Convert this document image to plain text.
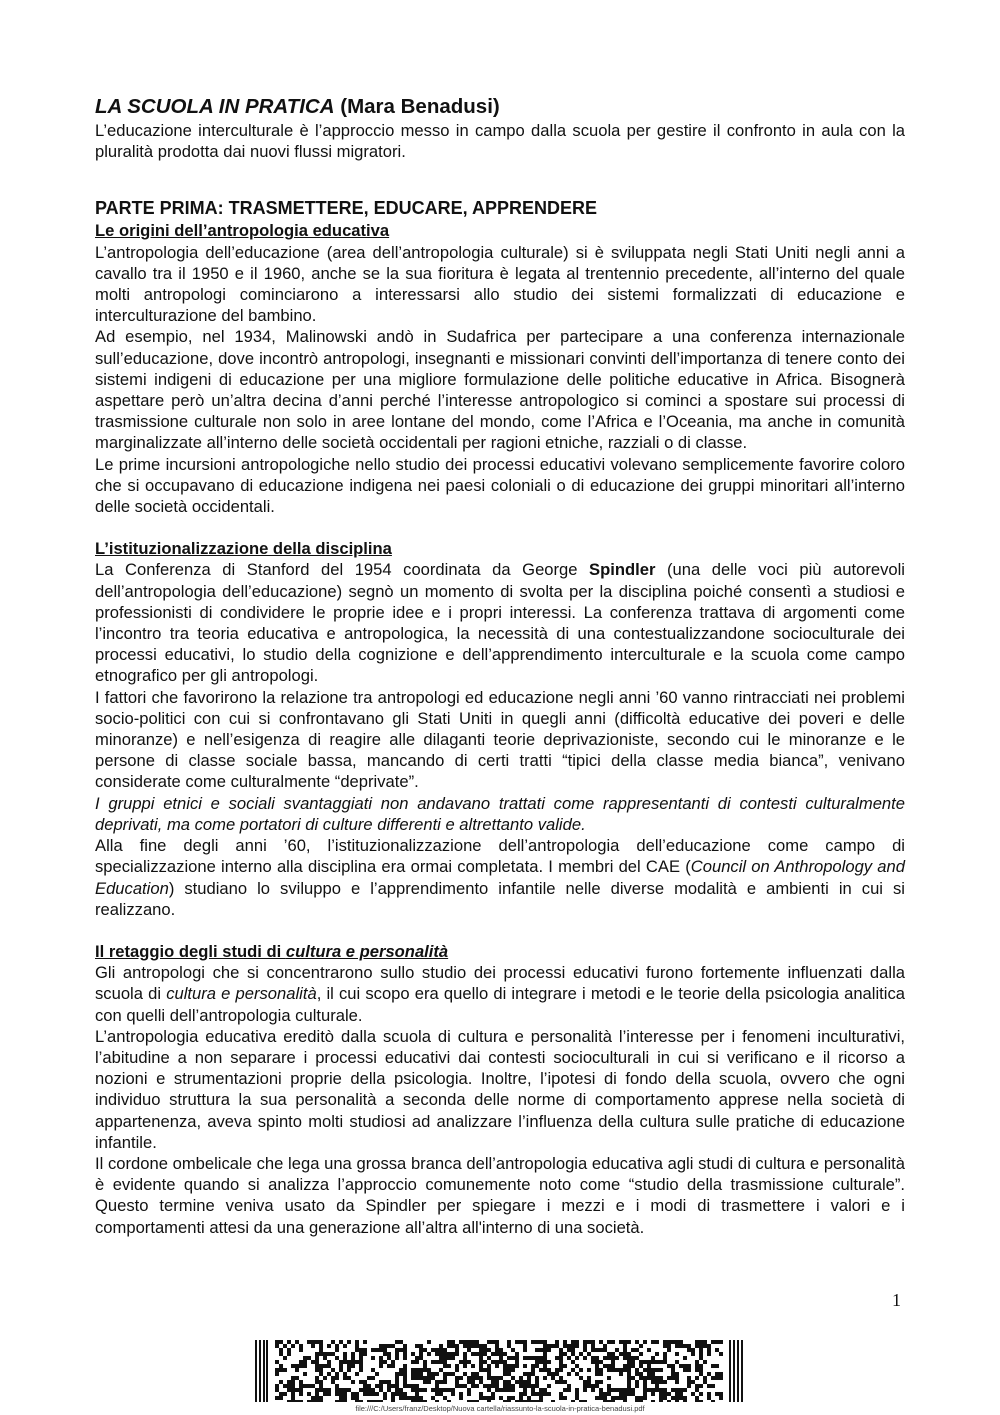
LA SCUOLA IN PRATICA (Mara Benadusi)

L’educazione interculturale è l’approccio messo in campo dalla scuola per gestire il confronto in aula con la pluralità prodotta dai nuovi flussi migratori.

PARTE PRIMA: TRASMETTERE, EDUCARE, APPRENDERE

Le origini dell’antropologia educativa

L’antropologia dell’educazione (area dell’antropologia culturale) si è sviluppata negli Stati Uniti negli anni a cavallo tra il 1950 e il 1960, anche se la sua fioritura è legata al trentennio precedente, all’interno del quale molti antropologi cominciarono a interessarsi allo studio dei sistemi formalizzati di educazione e interculturazione del bambino.

Ad esempio, nel 1934, Malinowski andò in Sudafrica per partecipare a una conferenza internazionale sull’educazione, dove incontrò antropologi, insegnanti e missionari convinti dell’importanza di tenere conto dei sistemi indigeni di educazione per una migliore formulazione delle politiche educative in Africa. Bisognerà aspettare però un’altra decina d’anni perché l’interesse antropologico si cominci a spostare sui processi di trasmissione culturale non solo in aree lontane del mondo, come l’Africa e l’Oceania, ma anche in comunità marginalizzate all’interno delle società occidentali per ragioni etniche, razziali o di classe.

Le prime incursioni antropologiche nello studio dei processi educativi volevano semplicemente favorire coloro che si occupavano di educazione indigena nei paesi coloniali o di educazione dei gruppi minoritari all’interno delle società occidentali.

L’istituzionalizzazione della disciplina

La Conferenza di Stanford del 1954 coordinata da George Spindler (una delle voci più autorevoli dell’antropologia dell’educazione) segnò un momento di svolta per la disciplina poiché consentì a studiosi e professionisti di condividere le proprie idee e i propri interessi. La conferenza trattava di argomenti come l’incontro tra teoria educativa e antropologica, la necessità di una contestualizzandone socioculturale dei processi educativi, lo studio della cognizione e dell’apprendimento interculturale e la scuola come campo etnografico per gli antropologi.

I fattori che favorirono la relazione tra antropologi ed educazione negli anni ’60 vanno rintracciati nei problemi socio-politici con cui si confrontavano gli Stati Uniti in quegli anni (difficoltà educative dei poveri e delle minoranze) e nell’esigenza di reagire alle dilaganti teorie deprivazioniste, secondo cui le minoranze e le persone di classe sociale bassa, mancando di certi tratti “tipici della classe media bianca”, venivano considerate come culturalmente “deprivate”.

I gruppi etnici e sociali svantaggiati non andavano trattati come rappresentanti di contesti culturalmente deprivati, ma come portatori di culture differenti e altrettanto valide.

Alla fine degli anni ’60, l’istituzionalizzazione dell’antropologia dell’educazione come campo di specializzazione interno alla disciplina era ormai completata. I membri del CAE (Council on Anthropology and Education) studiano lo sviluppo e l’apprendimento infantile nelle diverse modalità e ambienti in cui si realizzano.

Il retaggio degli studi di cultura e personalità

Gli antropologi che si concentrarono sullo studio dei processi educativi furono fortemente influenzati dalla scuola di cultura e personalità, il cui scopo era quello di integrare i metodi e le teorie della psicologia analitica con quelli dell’antropologia culturale.

L’antropologia educativa ereditò dalla scuola di cultura e personalità l’interesse per i fenomeni inculturativi, l’abitudine a non separare i processi educativi dai contesti socioculturali in cui si verificano e il ricorso a nozioni e strumentazioni proprie della psicologia. Inoltre, l’ipotesi di fondo della scuola, ovvero che ogni individuo struttura la sua personalità a seconda delle norme di comportamento apprese nella società di appartenenza, aveva spinto molti studiosi ad analizzare l’influenza della cultura sulle pratiche di educazione infantile.

Il cordone ombelicale che lega una grossa branca dell’antropologia educativa agli studi di cultura e personalità è evidente quando si analizza l’approccio comunemente noto come “studio della trasmissione culturale”. Questo termine veniva usato da Spindler per spiegare i mezzi e i modi di trasmettere i valori e i comportamenti attesi da una generazione all’altra all'interno di una società.

1
file:///C:/Users/franz/Desktop/Nuova cartella/riassunto-la-scuola-in-pratica-benadusi.pdf
